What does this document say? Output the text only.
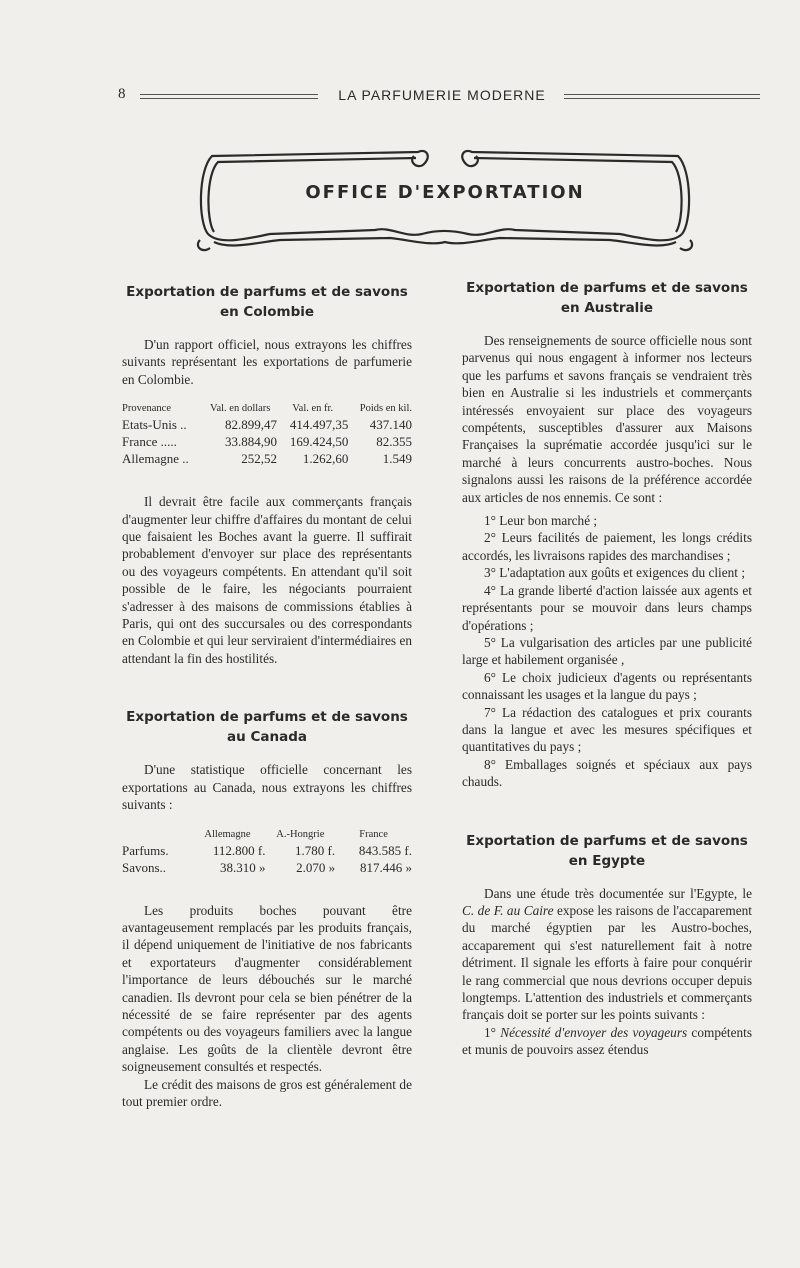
8	LA PARFUMERIE MODERNE
OFFICE D'EXPORTATION
Exportation de parfums et de savons
en Colombie

D'un rapport officiel, nous extrayons les chiffres suivants représentant les exportations de parfumerie en Colombie.

Provenance	Val. en dollars	Val. en fr.	Poids en kil.
Etats-Unis ..	82.899,47	414.497,35	437.140
France .....	33.884,90	169.424,50	82.355
Allemagne ..	252,52	1.262,60	1.549

Il devrait être facile aux commerçants français d'augmenter leur chiffre d'affaires du montant de celui que faisaient les Boches avant la guerre. Il suffirait probablement d'envoyer sur place des représentants ou des voyageurs compétents. En attendant qu'il soit possible de le faire, les négociants pourraient s'adresser à des maisons de commissions établies à Paris, qui ont des succursales ou des correspondants en Colombie et qui leur serviraient d'intermédiaires en attendant la fin des hostilités.

Exportation de parfums et de savons
au Canada

D'une statistique officielle concernant les exportations au Canada, nous extrayons les chiffres suivants :

	Allemagne	A.-Hongrie	France
Parfums.	112.800 f.	1.780 f.	843.585 f.
Savons..	38.310 »	2.070 »	817.446 »

Les produits boches pouvant être avantageusement remplacés par les produits français, il dépend uniquement de l'initiative de nos fabricants et exportateurs d'augmenter considérablement l'importance de leurs débouchés sur le marché canadien. Ils devront pour cela se bien pénétrer de la nécessité de se faire représenter par des agents compétents ou des voyageurs familiers avec la langue anglaise. Les goûts de la clientèle devront être soigneusement consultés et respectés.

Le crédit des maisons de gros est généralement de tout premier ordre.

Exportation de parfums et de savons
en Australie

Des renseignements de source officielle nous sont parvenus qui nous engagent à informer nos lecteurs que les parfums et savons français se vendraient très bien en Australie si les industriels et commerçants intéressés envoyaient sur place des voyageurs compétents, susceptibles d'assurer aux Maisons Françaises la suprématie accordée jusqu'ici sur le marché à leurs concurrents austro-boches. Nous signalons aussi les raisons de la préférence accordée aux articles de nos ennemis. Ce sont :

1° Leur bon marché ;
2° Leurs facilités de paiement, les longs crédits accordés, les livraisons rapides des marchandises ;
3° L'adaptation aux goûts et exigences du client ;
4° La grande liberté d'action laissée aux agents et représentants pour se mouvoir dans leurs champs d'opérations ;
5° La vulgarisation des articles par une publicité large et habilement organisée ,
6° Le choix judicieux d'agents ou représentants connaissant les usages et la langue du pays ;
7° La rédaction des catalogues et prix courants dans la langue et avec les mesures spécifiques et quantitatives du pays ;
8° Emballages soignés et spéciaux aux pays chauds.
Exportation de parfums et de savons
en Egypte

Dans une étude très documentée sur l'Egypte, le C. de F. au Caire expose les raisons de l'accaparement du marché égyptien par les Austro-boches, accaparement qui s'est naturellement fait à notre détriment. Il signale les efforts à faire pour conquérir le rang commercial que nous devrions occuper depuis longtemps. L'attention des industriels et commerçants français doit se porter sur les points suivants :

1° Nécessité d'envoyer des voyageurs compétents et munis de pouvoirs assez étendus
